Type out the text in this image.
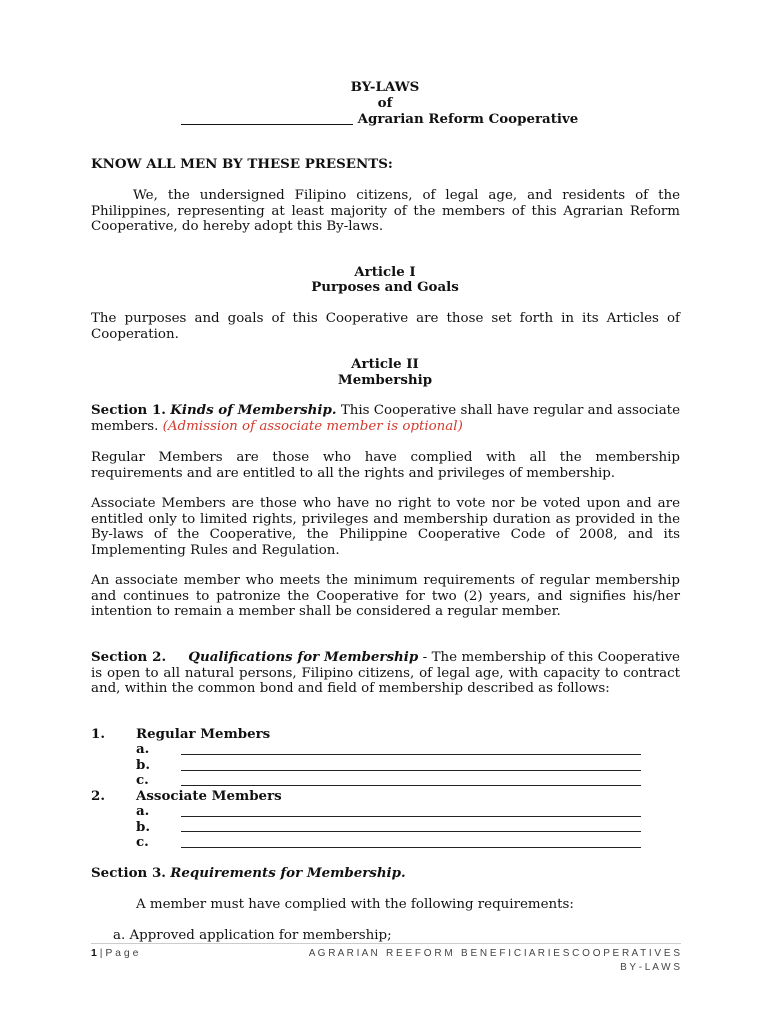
BY-LAWS
of
Agrarian Reform Cooperative
KNOW ALL MEN BY THESE PRESENTS:
We, the undersigned Filipino citizens, of legal age, and residents of the Philippines, representing at least majority of the members of this Agrarian Reform Cooperative, do hereby adopt this By-laws.
Article I
Purposes and Goals
The purposes and goals of this Cooperative are those set forth in its Articles of Cooperation.
Article II
Membership
Section 1. Kinds of Membership. This Cooperative shall have regular and associate members. (Admission of associate member is optional)
Regular Members are those who have complied with all the membership requirements and are entitled to all the rights and privileges of membership.
Associate Members are those who have no right to vote nor be voted upon and are entitled only to limited rights, privileges and membership duration as provided in the By-laws of the Cooperative, the Philippine Cooperative Code of 2008, and its Implementing Rules and Regulation.
An associate member who meets the minimum requirements of regular membership and continues to patronize the Cooperative for two (2) years, and signifies his/her intention to remain a member shall be considered a regular member.
Section 2. Qualifications for Membership - The membership of this Cooperative is open to all natural persons, Filipino citizens, of legal age, with capacity to contract and, within the common bond and field of membership described as follows:
1. Regular Members
a.
b.
c.
2. Associate Members
a.
b.
c.
Section 3. Requirements for Membership.
A member must have complied with the following requirements:
a. Approved application for membership;
1 | P a g e	A G R A R I A N   R E E F O R M   B E N E F I C I A R I E S C O O P E R A T I V E S
B Y - L A W S
